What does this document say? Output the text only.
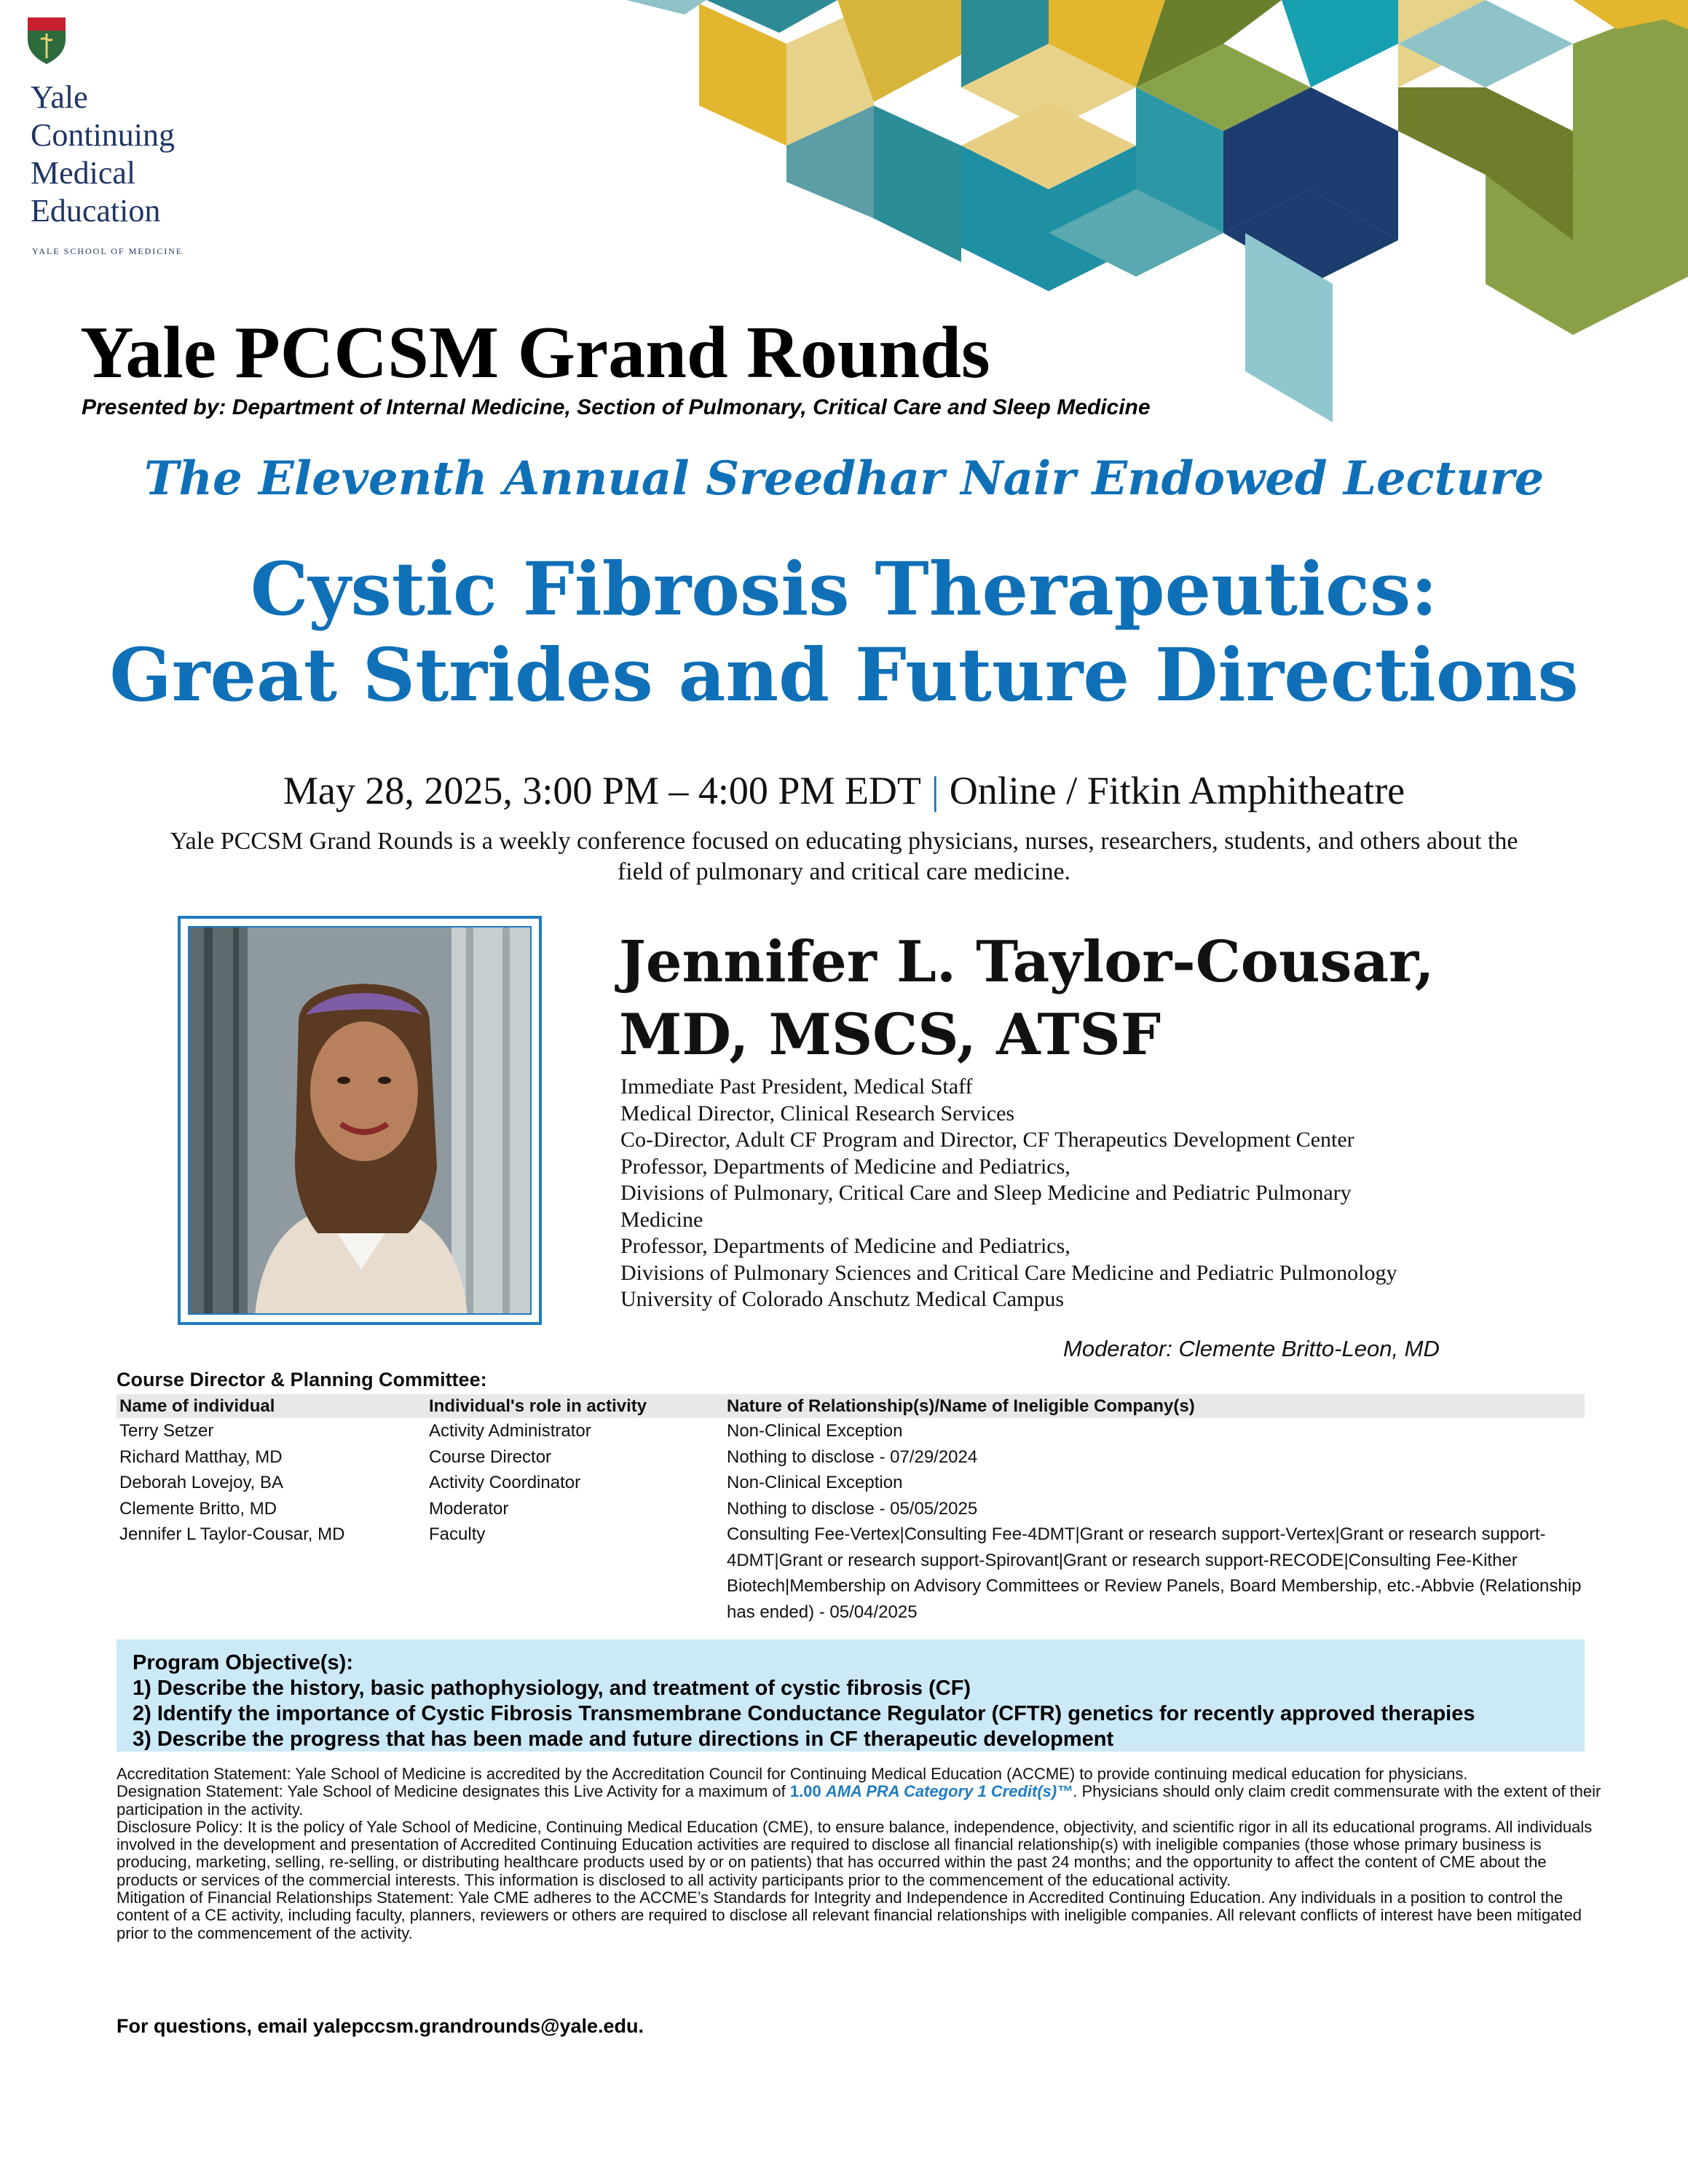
Yale
Continuing
Medical
Education
YALE SCHOOL OF MEDICINE
Yale PCCSM Grand Rounds
Presented by: Department of Internal Medicine, Section of Pulmonary, Critical Care and Sleep Medicine
The Eleventh Annual Sreedhar Nair Endowed Lecture
Cystic Fibrosis Therapeutics:
Great Strides and Future Directions
May 28, 2025, 3:00 PM – 4:00 PM EDT | Online / Fitkin Amphitheatre
Yale PCCSM Grand Rounds is a weekly conference focused on educating physicians, nurses, researchers, students, and others about the field of pulmonary and critical care medicine.
Jennifer L. Taylor-Cousar,
MD, MSCS, ATSF
Immediate Past President, Medical Staff
Medical Director, Clinical Research Services
Co-Director, Adult CF Program and Director, CF Therapeutics Development Center
Professor, Departments of Medicine and Pediatrics,
Divisions of Pulmonary, Critical Care and Sleep Medicine and Pediatric Pulmonary
Medicine
Professor, Departments of Medicine and Pediatrics,
Divisions of Pulmonary Sciences and Critical Care Medicine and Pediatric Pulmonology
University of Colorado Anschutz Medical Campus
Moderator: Clemente Britto-Leon, MD
Course Director & Planning Committee:
Name of individual	Individual's role in activity	Nature of Relationship(s)/Name of Ineligible Company(s)
Terry Setzer	Activity Administrator	Non-Clinical Exception
Richard Matthay, MD	Course Director	Nothing to disclose - 07/29/2024
Deborah Lovejoy, BA	Activity Coordinator	Non-Clinical Exception
Clemente Britto, MD	Moderator	Nothing to disclose - 05/05/2025
Jennifer L Taylor-Cousar, MD	Faculty	Consulting Fee-Vertex|Consulting Fee-4DMT|Grant or research support-Vertex|Grant or research support-4DMT|Grant or research support-Spirovant|Grant or research support-RECODE|Consulting Fee-Kither Biotech|Membership on Advisory Committees or Review Panels, Board Membership, etc.-Abbvie (Relationship has ended) - 05/04/2025
Program Objective(s):
1) Describe the history, basic pathophysiology, and treatment of cystic fibrosis (CF)
2) Identify the importance of Cystic Fibrosis Transmembrane Conductance Regulator (CFTR) genetics for recently approved therapies
3) Describe the progress that has been made and future directions in CF therapeutic development

Accreditation Statement: Yale School of Medicine is accredited by the Accreditation Council for Continuing Medical Education (ACCME) to provide continuing medical education for physicians.

Designation Statement: Yale School of Medicine designates this Live Activity for a maximum of 1.00 AMA PRA Category 1 Credit(s)™. Physicians should only claim credit commensurate with the extent of their participation in the activity.

Disclosure Policy: It is the policy of Yale School of Medicine, Continuing Medical Education (CME), to ensure balance, independence, objectivity, and scientific rigor in all its educational programs. All individuals involved in the development and presentation of Accredited Continuing Education activities are required to disclose all financial relationship(s) with ineligible companies (those whose primary business is producing, marketing, selling, re-selling, or distributing healthcare products used by or on patients) that has occurred within the past 24 months; and the opportunity to affect the content of CME about the products or services of the commercial interests. This information is disclosed to all activity participants prior to the commencement of the educational activity.

Mitigation of Financial Relationships Statement: Yale CME adheres to the ACCME’s Standards for Integrity and Independence in Accredited Continuing Education. Any individuals in a position to control the content of a CE activity, including faculty, planners, reviewers or others are required to disclose all relevant financial relationships with ineligible companies. All relevant conflicts of interest have been mitigated prior to the commencement of the activity.

For questions, email yalepccsm.grandrounds@yale.edu.
